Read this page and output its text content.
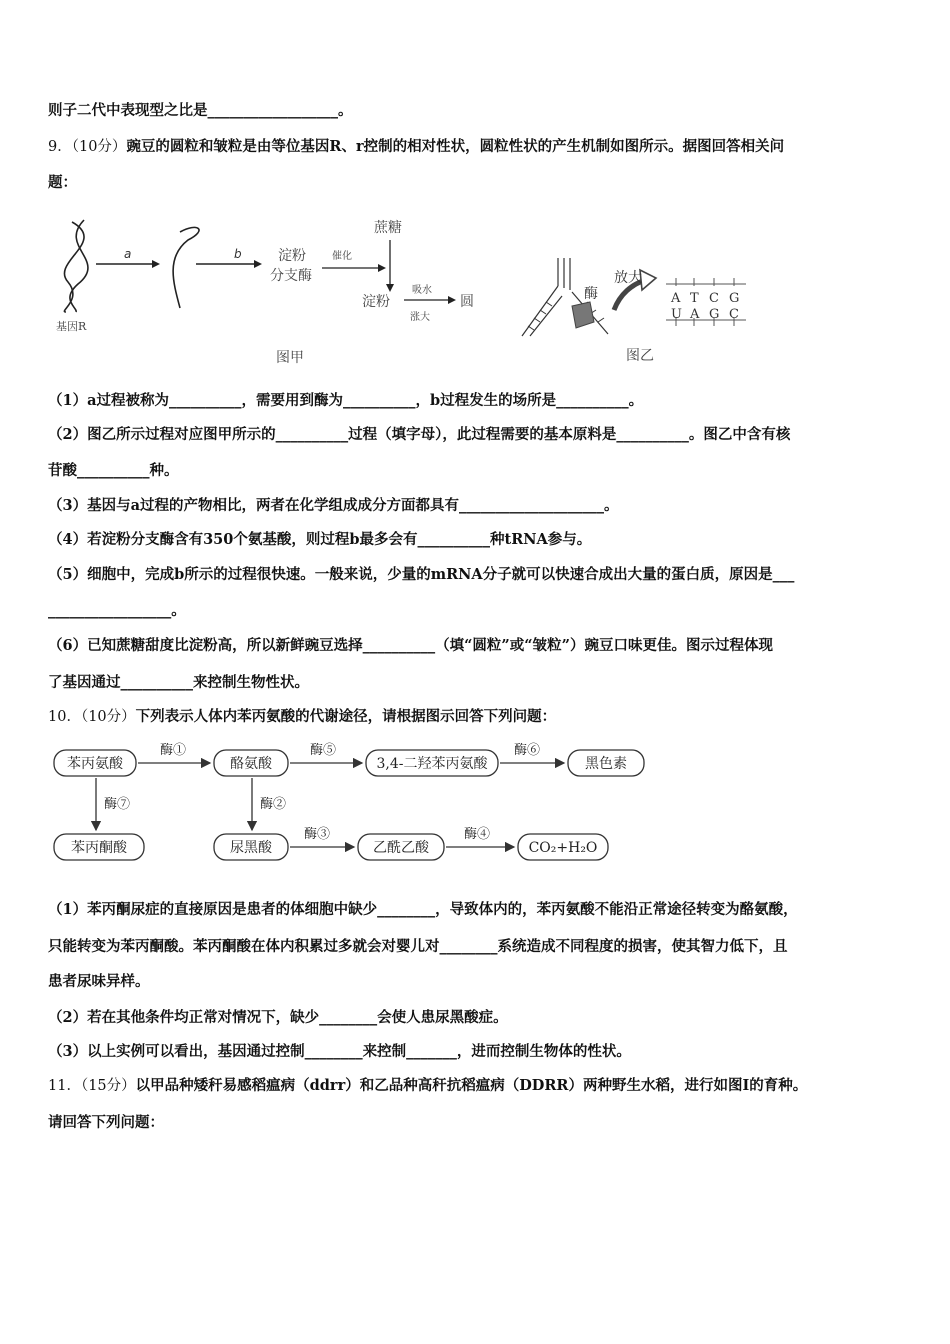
则子二代中表现型之比是__________________。
9．（10分）豌豆的圆粒和皱粒是由等位基因R、r控制的相对性状，圆粒性状的产生机制如图所示。据图回答相关问
题：
a	b
基因R
淀粉
分支酶
催化
蔗糖
淀粉
吸水
涨大
圆
图甲
酶
放大
A T C G
U A G C
图乙
（1）a过程被称为__________，需要用到酶为__________，b过程发生的场所是__________。
（2）图乙所示过程对应图甲所示的__________过程（填字母），此过程需要的基本原料是__________。图乙中含有核
苷酸__________种。
（3）基因与a过程的产物相比，两者在化学组成成分方面都具有____________________。
（4）若淀粉分支酶含有350个氨基酸，则过程b最多会有__________种tRNA参与。
（5）细胞中，完成b所示的过程很快速。一般来说，少量的mRNA分子就可以快速合成出大量的蛋白质，原因是___
_________________。
（6）已知蔗糖甜度比淀粉高，所以新鲜豌豆选择__________（填“圆粒”或“皱粒”）豌豆口味更佳。图示过程体现
了基因通过__________来控制生物性状。
10．（10分）下列表示人体内苯丙氨酸的代谢途径，请根据图示回答下列问题：
苯丙氨酸	酪氨酸	3,4-二羟苯丙氨酸	黑色素
苯丙酮酸	尿黑酸	乙酰乙酸	CO₂+H₂O
酶①	酶⑤	酶⑥
酶⑦	酶②
酶③	酶④
（1）苯丙酮尿症的直接原因是患者的体细胞中缺少________，导致体内的，苯丙氨酸不能沿正常途径转变为酪氨酸，
只能转变为苯丙酮酸。苯丙酮酸在体内积累过多就会对婴儿对________系统造成不同程度的损害，使其智力低下，且
患者尿味异样。
（2）若在其他条件均正常对情况下，缺少________会使人患尿黑酸症。
（3）以上实例可以看出，基因通过控制________来控制_______，进而控制生物体的性状。
11．（15分）以甲品种矮秆易感稻瘟病（ddrr）和乙品种高秆抗稻瘟病（DDRR）两种野生水稻，进行如图I的育种。
请回答下列问题：
